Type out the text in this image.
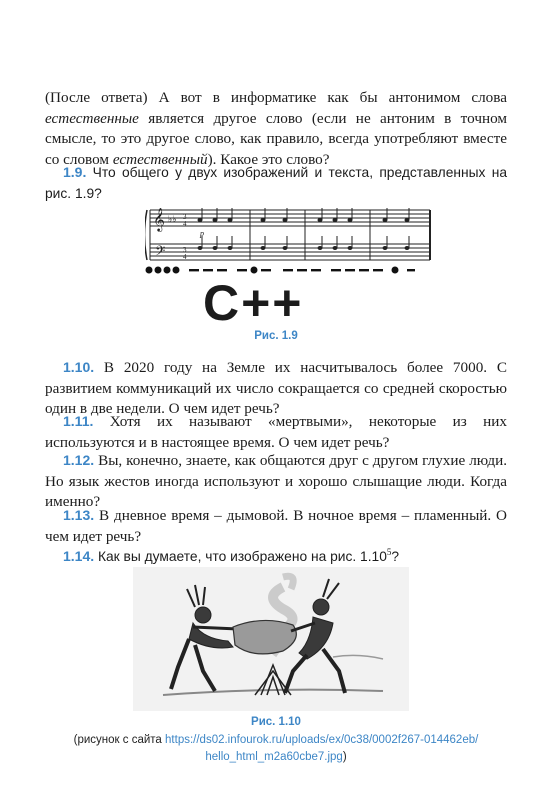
(После ответа) А вот в информатике как бы антонимом слова естественные является другое слово (если не антоним в точном смысле, то это другое слово, как правило, всегда употребляют вместе со словом естественный). Какое это слово?

1.9. Что общего у двух изображений и текста, представленных на рис. 1.9?

𝄞
𝄢
♭♭ 3
4
3
4
p
C++
Рис. 1.9

1.10. В 2020 году на Земле их насчитывалось более 7000. С развитием коммуникаций их число сокращается со средней скоростью один в две недели. О чем идет речь?

1.11. Хотя их называют «мертвыми», некоторые из них используются и в настоящее время. О чем идет речь?

1.12. Вы, конечно, знаете, как общаются друг с другом глухие люди. Но язык жестов иногда используют и хорошо слышащие люди. Когда именно?

1.13. В дневное время – дымовой. В ночное время – пламенный. О чем идет речь?

1.14. Как вы думаете, что изображено на рис. 1.10$^5$?

Рис. 1.10
(рисунок с сайта https://ds02.infourok.ru/uploads/ex/0c38/0002f267-014462eb/
hello_html_m2a60cbe7.jpg)
